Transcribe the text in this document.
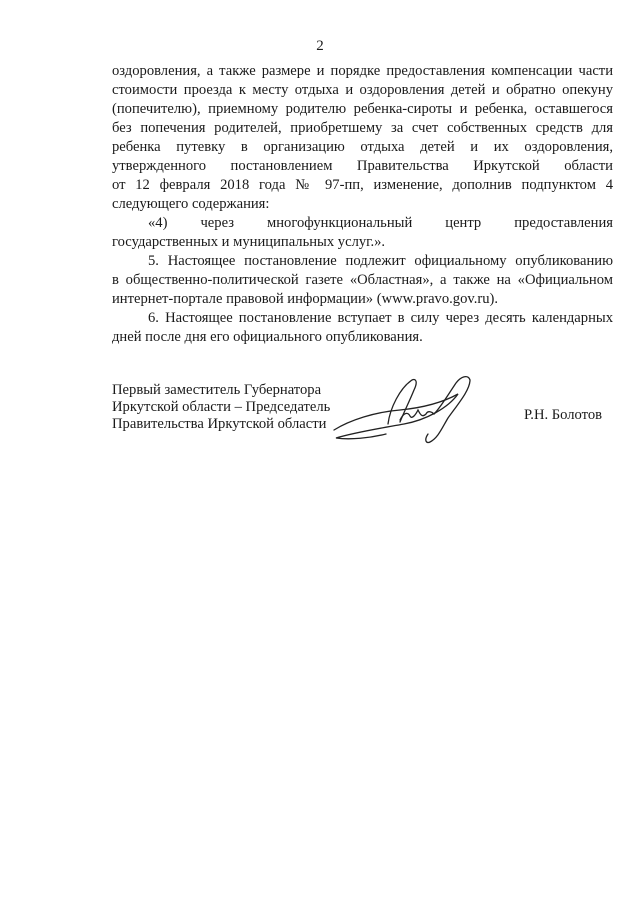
2

оздоровления, а также размере и порядке предоставления компенсации части

стоимости проезда к месту отдыха и оздоровления детей и обратно опекуну

(попечителю), приемному родителю ребенка-сироты и ребенка, оставшегося

без попечения родителей, приобретшему за счет собственных средств для

ребенка путевку в организацию отдыха детей и их оздоровления,

утвержденного постановлением Правительства Иркутской области

от 12 февраля 2018 года № 97-пп, изменение, дополнив подпунктом 4

следующего содержания:

«4) через многофункциональный центр предоставления

государственных и муниципальных услуг.».

5. Настоящее постановление подлежит официальному опубликованию

в общественно-политической газете «Областная», а также на «Официальном

интернет-портале правовой информации» (www.pravo.gov.ru).

6. Настоящее постановление вступает в силу через десять календарных

дней после дня его официального опубликования.

Первый заместитель Губернатора
Иркутской области – Председатель
Правительства Иркутской области
Р.Н. Болотов
